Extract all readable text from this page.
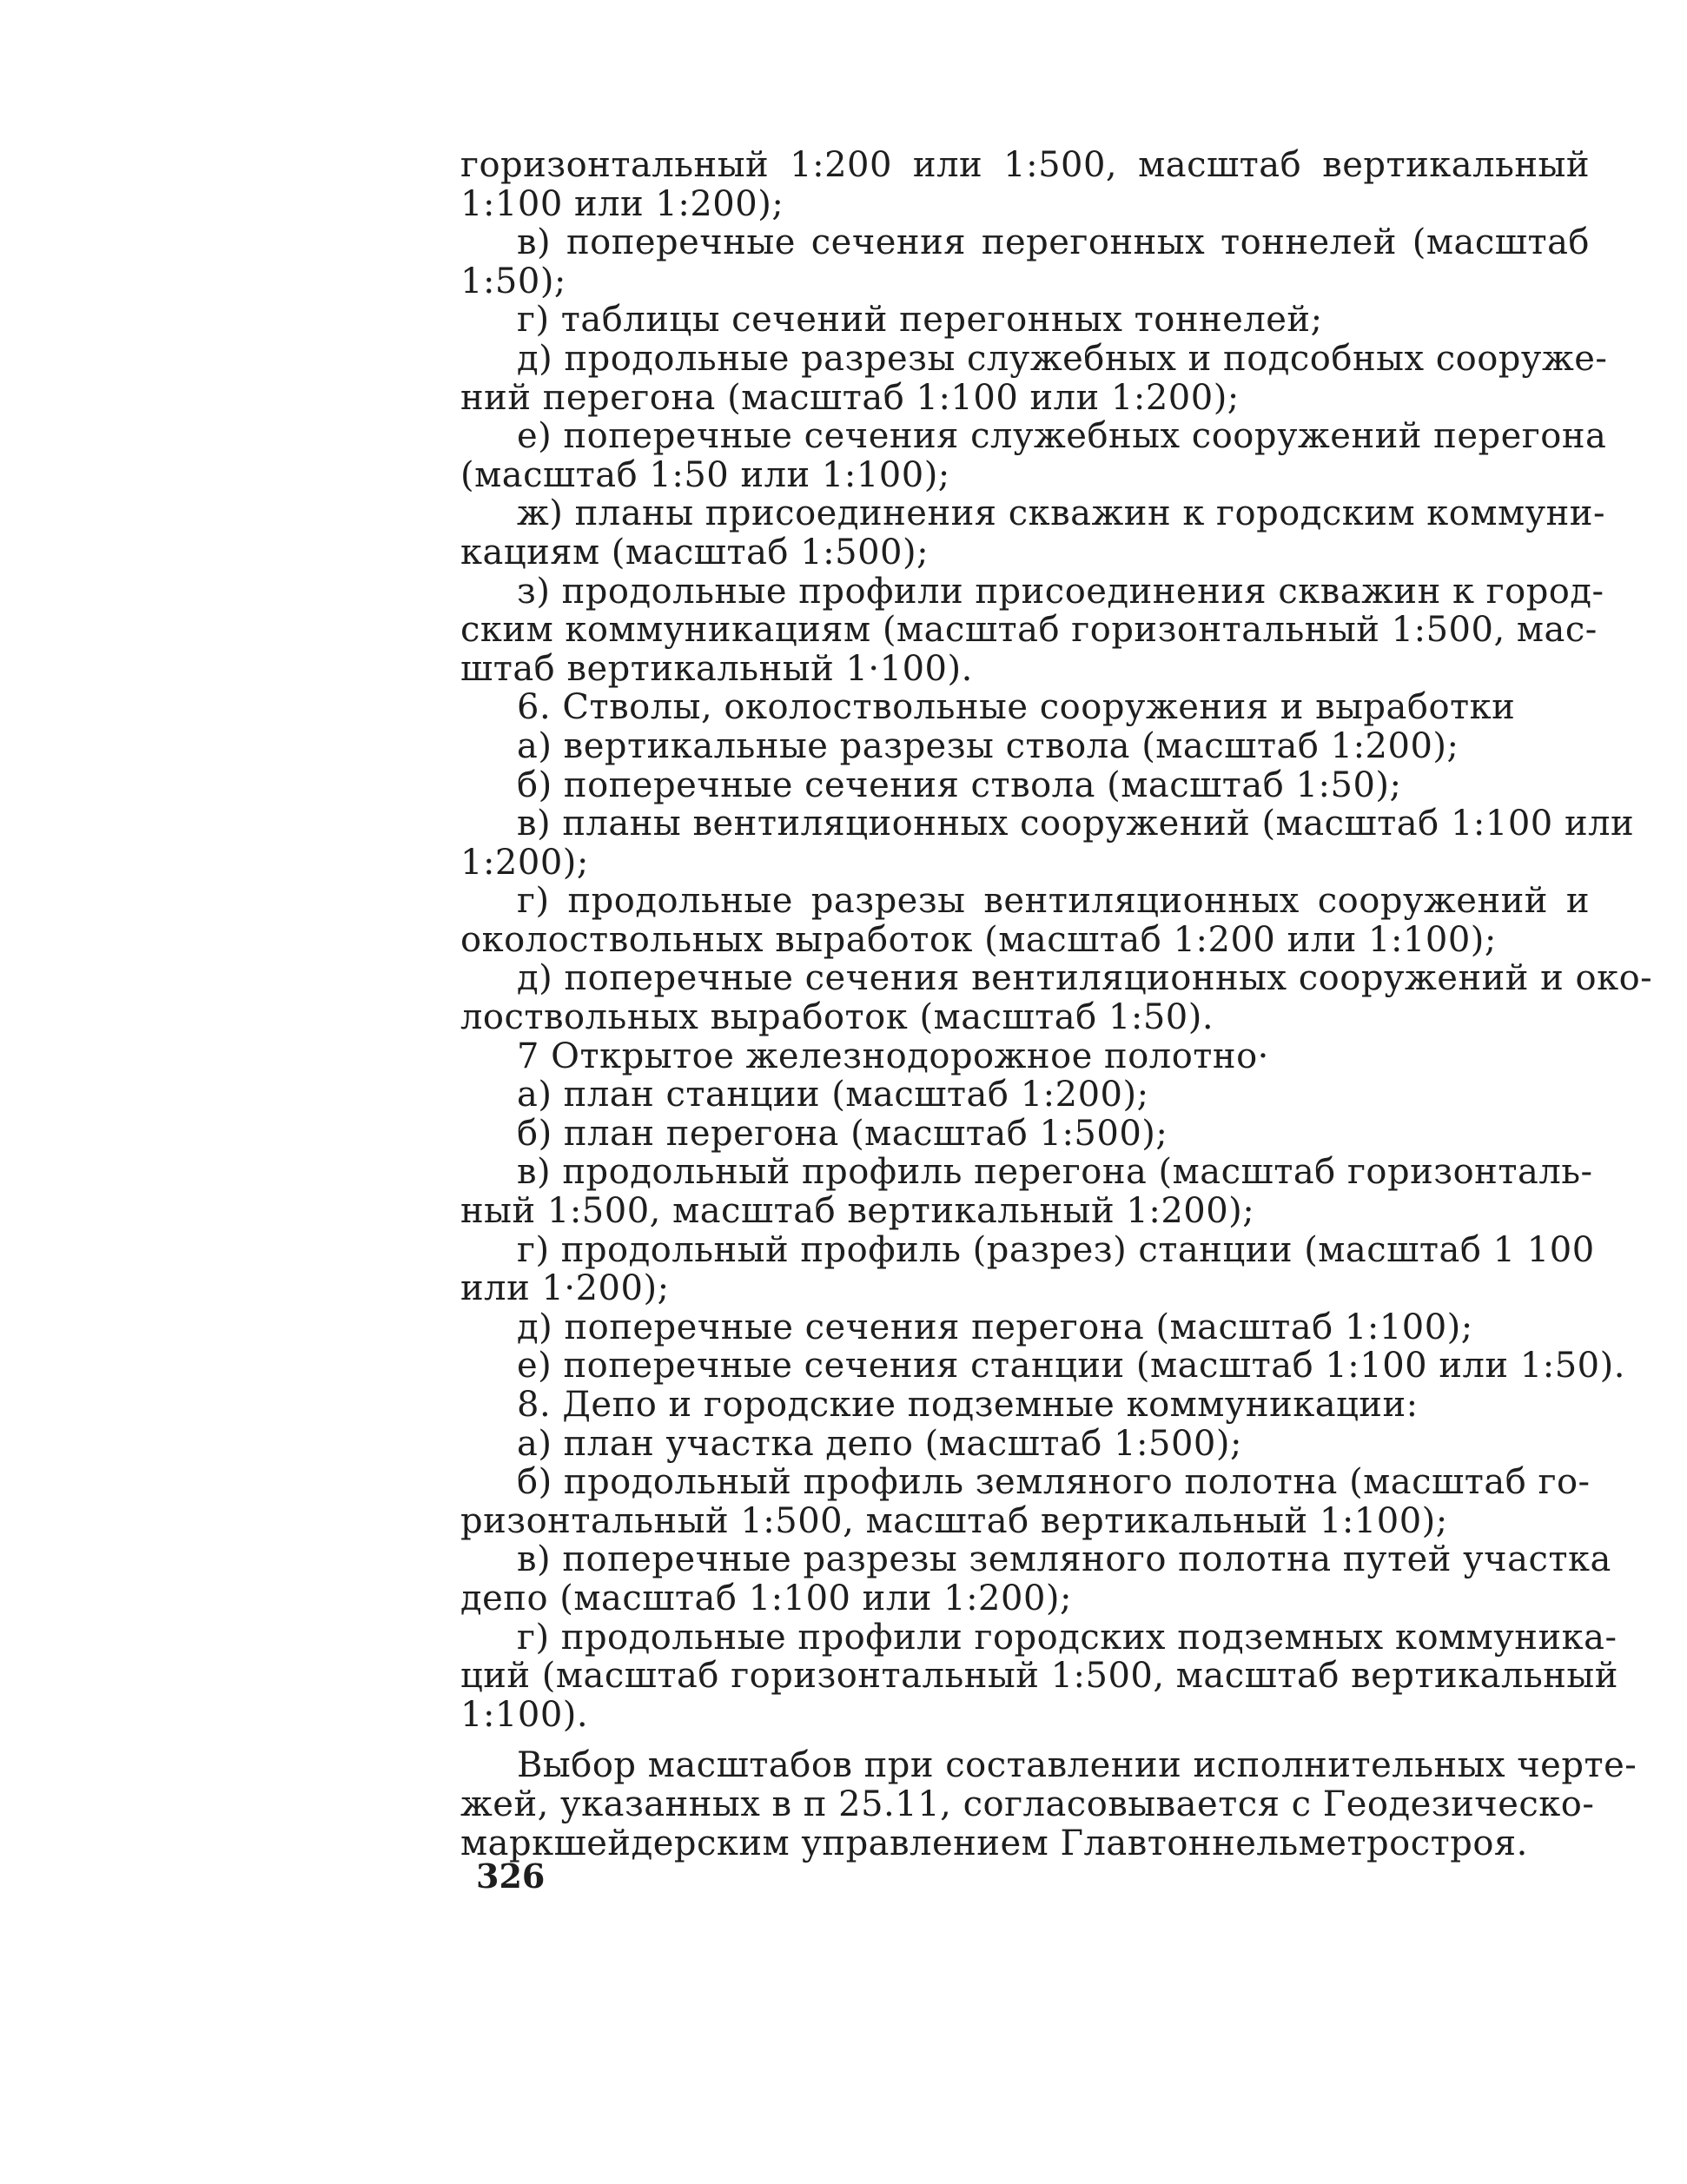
горизонтальный 1:200 или 1:500, масштаб вертикальный
1:100 или 1:200);
в) поперечные сечения перегонных тоннелей (масштаб
1:50);
г) таблицы сечений перегонных тоннелей;
д) продольные разрезы служебных и подсобных сооруже-
ний перегона (масштаб 1:100 или 1:200);
е) поперечные сечения служебных сооружений перегона
(масштаб 1:50 или 1:100);
ж) планы присоединения скважин к городским коммуни-
кациям (масштаб 1:500);
з) продольные профили присоединения скважин к город-
ским коммуникациям (масштаб горизонтальный 1:500, мас-
штаб вертикальный 1·100).
6. Стволы, околоствольные сооружения и выработки
а) вертикальные разрезы ствола (масштаб 1:200);
б) поперечные сечения ствола (масштаб 1:50);
в) планы вентиляционных сооружений (масштаб 1:100 или
1:200);
г) продольные разрезы вентиляционных сооружений и
околоствольных выработок (масштаб 1:200 или 1:100);
д) поперечные сечения вентиляционных сооружений и око-
лоствольных выработок (масштаб 1:50).
7 Открытое железнодорожное полотно·
а) план станции (масштаб 1:200);
б) план перегона (масштаб 1:500);
в) продольный профиль перегона (масштаб горизонталь-
ный 1:500, масштаб вертикальный 1:200);
г) продольный профиль (разрез) станции (масштаб 1 100
или 1·200);
д) поперечные сечения перегона (масштаб 1:100);
е) поперечные сечения станции (масштаб 1:100 или 1:50).
8. Депо и городские подземные коммуникации:
а) план участка депо (масштаб 1:500);
б) продольный профиль земляного полотна (масштаб го-
ризонтальный 1:500, масштаб вертикальный 1:100);
в) поперечные разрезы земляного полотна путей участка
депо (масштаб 1:100 или 1:200);
г) продольные профили городских подземных коммуника-
ций (масштаб горизонтальный 1:500, масштаб вертикальный
1:100).
Выбор масштабов при составлении исполнительных черте-
жей, указанных в п 25.11, согласовывается с Геодезическо-
маркшейдерским управлением Главтоннельметростроя.
326
